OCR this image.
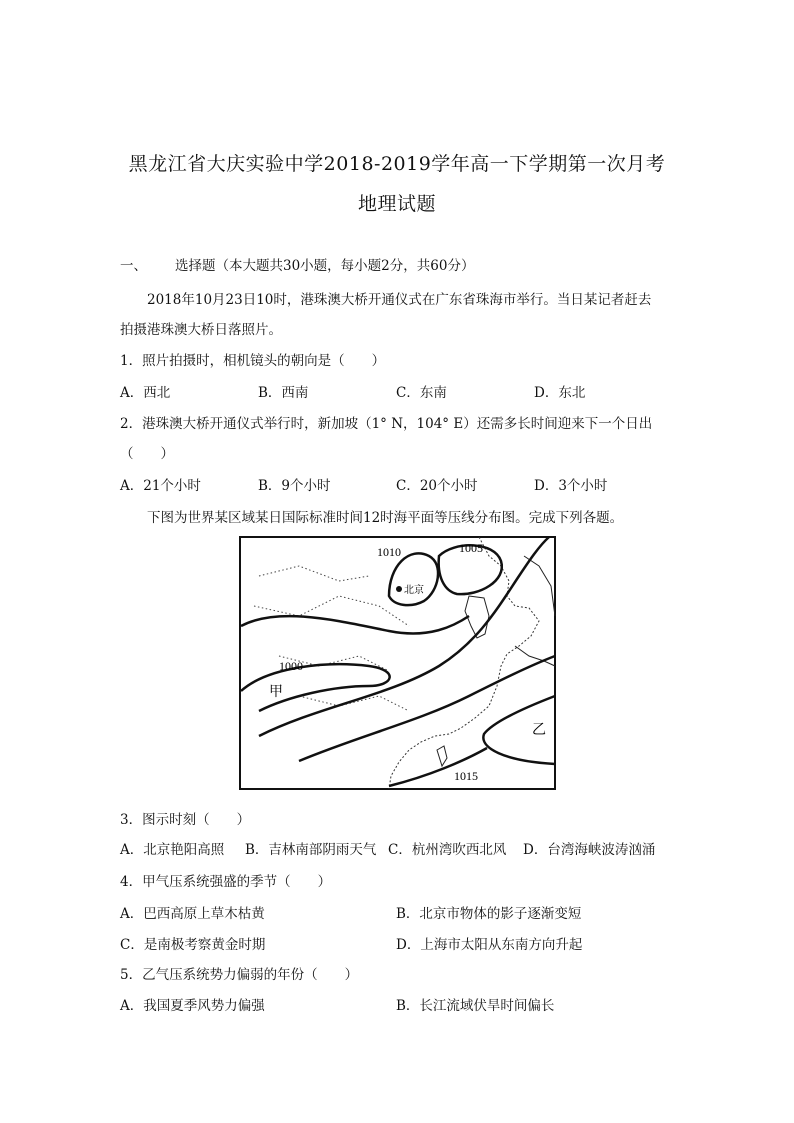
黑龙江省大庆实验中学2018-2019学年高一下学期第一次月考
地理试题
一、 选择题（本大题共30小题，每小题2分，共60分）
2018年10月23日10时，港珠澳大桥开通仪式在广东省珠海市举行。当日某记者赶去
拍摄港珠澳大桥日落照片。
1．照片拍摄时，相机镜头的朝向是（　　）
A．西北	B．西南	C．东南	D．东北
2．港珠澳大桥开通仪式举行时，新加坡（1° N，104° E）还需多长时间迎来下一个日出
（　　）
A．21个小时	B．9个小时	C．20个小时	D．3个小时
下图为世界某区域某日国际标准时间12时海平面等压线分布图。完成下列各题。
1010	1005
北京
1000
甲
乙
1015
3．图示时刻（　　）
A．北京艳阳高照 B．吉林南部阴雨天气 C．杭州湾吹西北风 D．台湾海峡波涛汹涌
4．甲气压系统强盛的季节（　　）
A．巴西高原上草木枯黄	B．北京市物体的影子逐渐变短
C．是南极考察黄金时期	D．上海市太阳从东南方向升起
5．乙气压系统势力偏弱的年份（　　）
A．我国夏季风势力偏强	B．长江流域伏旱时间偏长
